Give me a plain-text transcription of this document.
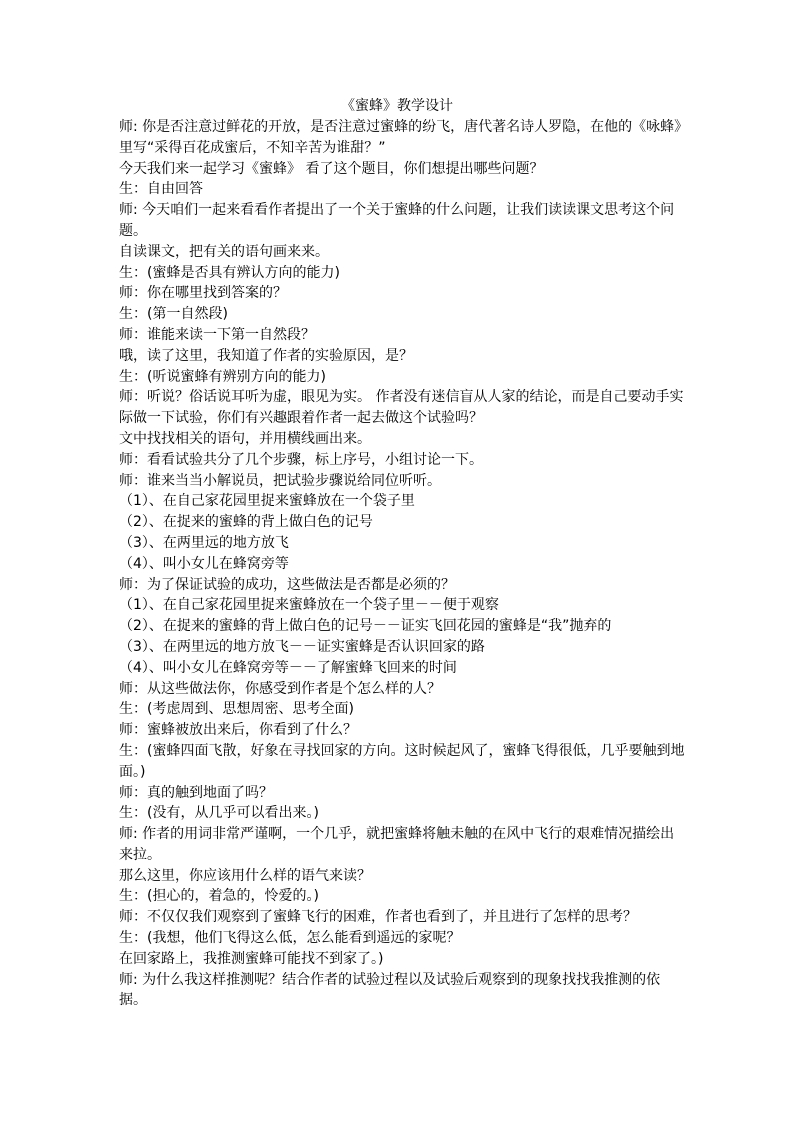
《蜜蜂》教学设计

师: 你是否注意过鲜花的开放，是否注意过蜜蜂的纷飞，唐代著名诗人罗隐，在他的《咏蜂》里写“采得百花成蜜后，不知辛苦为谁甜？”

今天我们来一起学习《蜜蜂》 看了这个题目，你们想提出哪些问题？

生：自由回答

师: 今天咱们一起来看看作者提出了一个关于蜜蜂的什么问题，让我们读读课文思考这个问题。

自读课文，把有关的语句画来来。

生：(蜜蜂是否具有辨认方向的能力)

师：你在哪里找到答案的？

生：(第一自然段)

师：谁能来读一下第一自然段？

哦，读了这里，我知道了作者的实验原因，是？

生：(听说蜜蜂有辨别方向的能力)

师：听说？俗话说耳听为虚，眼见为实。 作者没有迷信盲从人家的结论，而是自己要动手实际做一下试验，你们有兴趣跟着作者一起去做这个试验吗？

文中找找相关的语句，并用横线画出来。

师：看看试验共分了几个步骤，标上序号，小组讨论一下。

师：谁来当当小解说员，把试验步骤说给同位听听。

（1）、在自己家花园里捉来蜜蜂放在一个袋子里

（2）、在捉来的蜜蜂的背上做白色的记号

（3）、在两里远的地方放飞

（4）、叫小女儿在蜂窝旁等

师：为了保证试验的成功，这些做法是否都是必须的？

（1）、在自己家花园里捉来蜜蜂放在一个袋子里－－便于观察

（2）、在捉来的蜜蜂的背上做白色的记号－－证实飞回花园的蜜蜂是“我”抛弃的

（3）、在两里远的地方放飞－－证实蜜蜂是否认识回家的路

（4）、叫小女儿在蜂窝旁等－－了解蜜蜂飞回来的时间

师：从这些做法你，你感受到作者是个怎么样的人？

生：(考虑周到、思想周密、思考全面)

师：蜜蜂被放出来后，你看到了什么？

生：(蜜蜂四面飞散，好象在寻找回家的方向。这时候起风了，蜜蜂飞得很低，几乎要触到地面。)

师：真的触到地面了吗？

生：(没有，从几乎可以看出来。)

师: 作者的用词非常严谨啊，一个几乎，就把蜜蜂将触未触的在风中飞行的艰难情况描绘出来拉。

那么这里，你应该用什么样的语气来读？

生：(担心的，着急的，怜爱的。)

师：不仅仅我们观察到了蜜蜂飞行的困难，作者也看到了，并且进行了怎样的思考？

生：(我想，他们飞得这么低，怎么能看到遥远的家呢？

在回家路上，我推测蜜蜂可能找不到家了。)

师: 为什么我这样推测呢？结合作者的试验过程以及试验后观察到的现象找找我推测的依据。
